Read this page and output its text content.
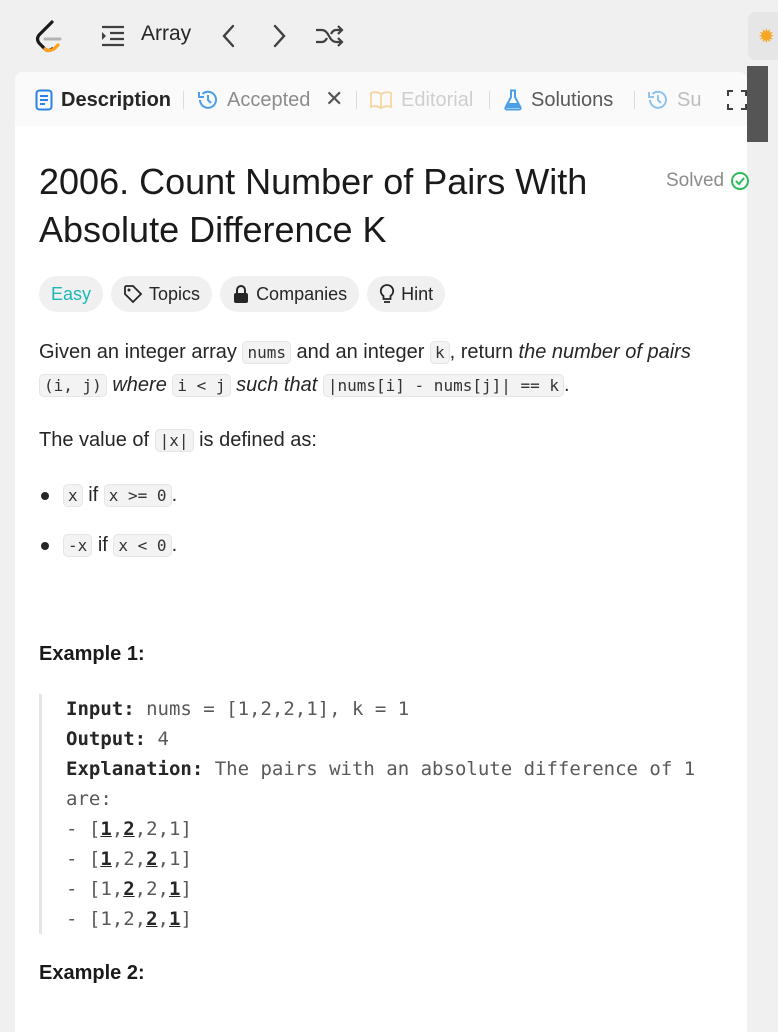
Array	✹
Description	Accepted ✕	Editorial	Solutions	Su
2006. Count Number of Pairs With Absolute Difference K
Solved
Easy	Topics	Companies	Hint

Given an integer array nums and an integer k , return the number of pairs
(i, j) where i < j such that |nums[i] - nums[j]| == k .

The value of |x| is defined as:

x if x >= 0 .
-x if x < 0 .
Example 1:
Input: nums = [1,2,2,1], k = 1
Output: 4
Explanation: The pairs with an absolute difference of 1 are:
- [1,2,2,1]
- [1,2,2,1]
- [1,2,2,1]
- [1,2,2,1]
Example 2:
